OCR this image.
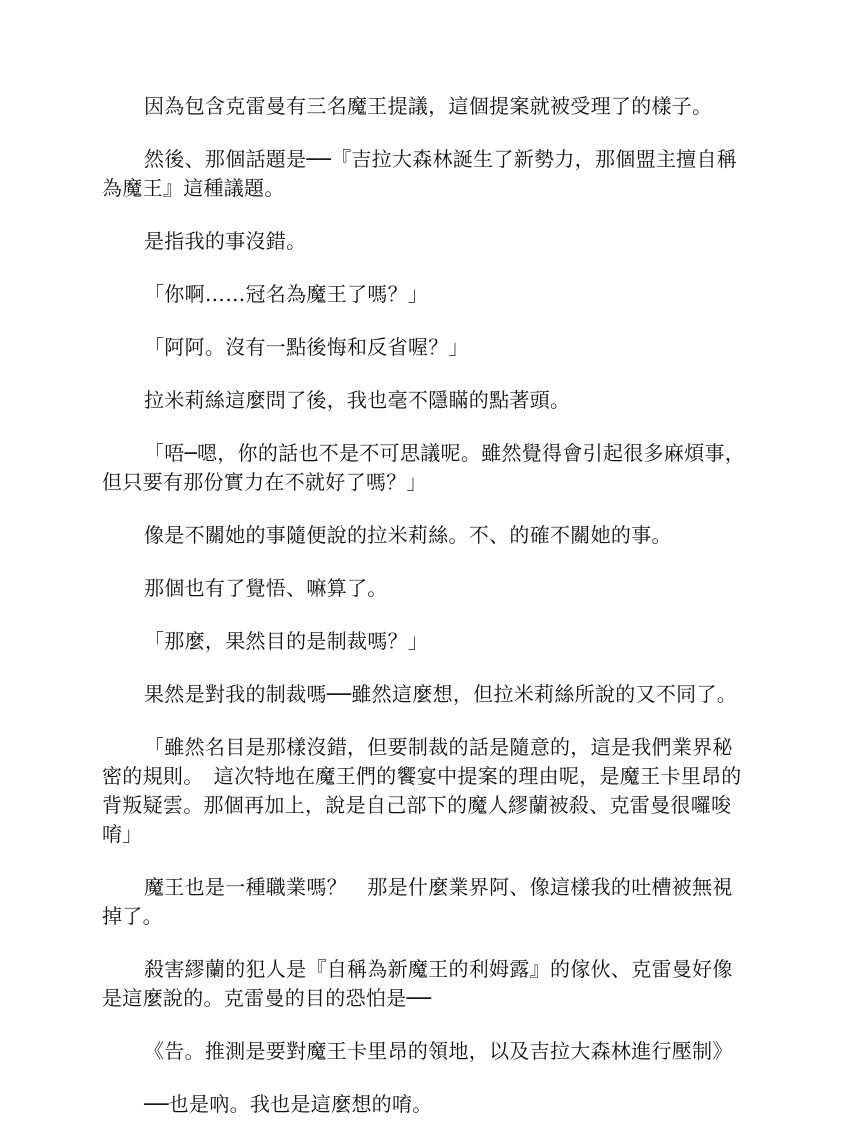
因為包含克雷曼有三名魔王提議，這個提案就被受理了的樣子。

然後、那個話題是──『吉拉大森林誕生了新勢力，那個盟主擅自稱為魔王』這種議題。

是指我的事沒錯。

「你啊……冠名為魔王了嗎？」

「阿阿。沒有一點後悔和反省喔？」

拉米莉絲這麼問了後，我也毫不隱瞞的點著頭。

「唔─嗯，你的話也不是不可思議呢。雖然覺得會引起很多麻煩事，但只要有那份實力在不就好了嗎？」

像是不關她的事隨便說的拉米莉絲。不、的確不關她的事。

那個也有了覺悟、嘛算了。

「那麼，果然目的是制裁嗎？」

果然是對我的制裁嗎──雖然這麼想，但拉米莉絲所說的又不同了。

「雖然名目是那樣沒錯，但要制裁的話是隨意的，這是我們業界秘密的規則。　這次特地在魔王們的饗宴中提案的理由呢，是魔王卡里昂的背叛疑雲。那個再加上，說是自己部下的魔人繆蘭被殺、克雷曼很囉唆唷」

魔王也是一種職業嗎？　那是什麼業界阿、像這樣我的吐槽被無視掉了。

殺害繆蘭的犯人是『自稱為新魔王的利姆露』的傢伙、克雷曼好像是這麼說的。克雷曼的目的恐怕是──

《告。推測是要對魔王卡里昂的領地，以及吉拉大森林進行壓制》

──也是吶。我也是這麼想的唷。
